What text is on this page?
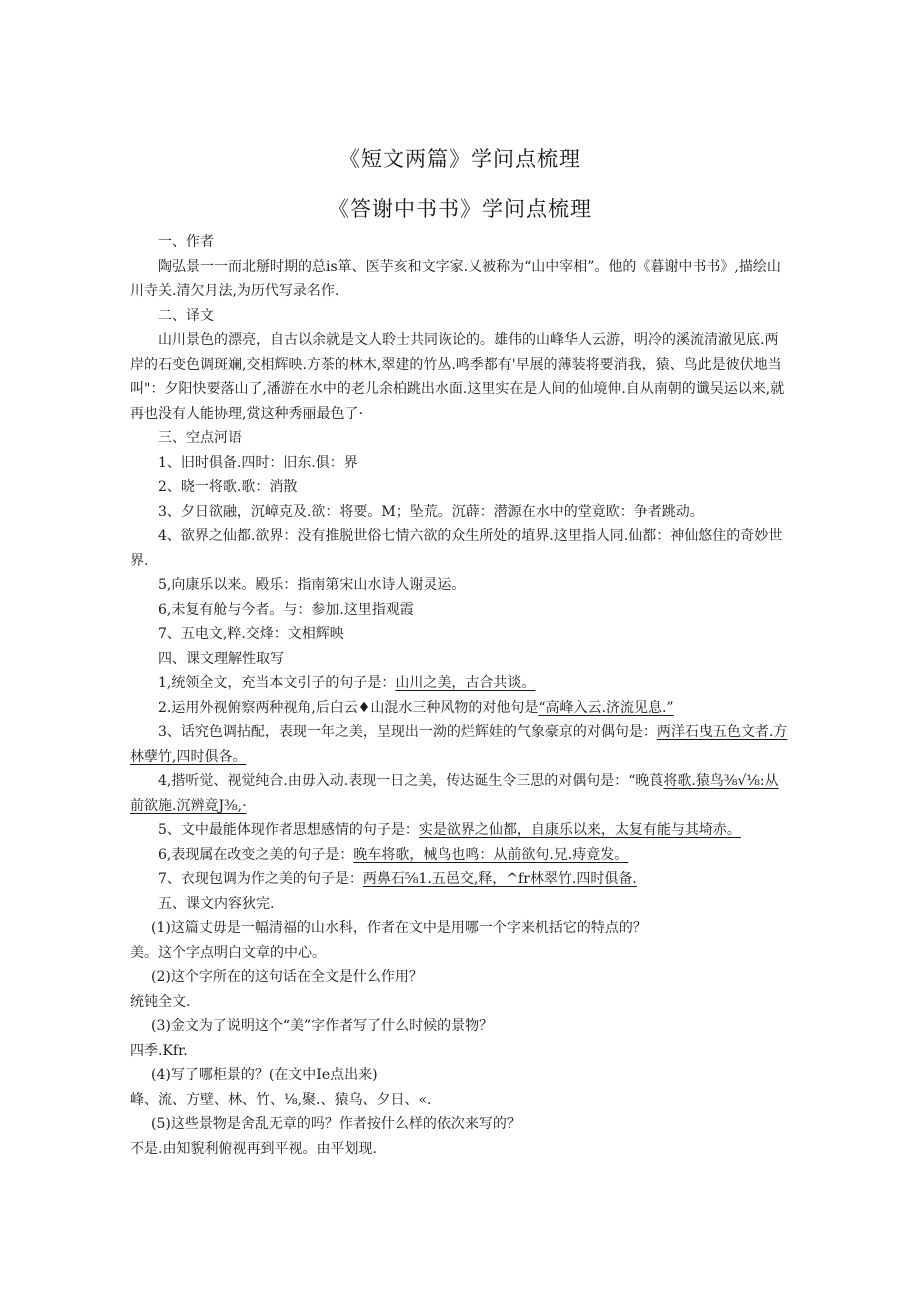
《短文两篇》学问点梳理
《答谢中书书》学问点梳理

一、作者

陶弘景一一而北掰时期的总is箪、医芋亥和文字家.乂被称为“山中宰相”。他的《暮谢中书书》,描绘山川寺关.清欠月法,为历代写录名作.

二、译文

山川景色的漂亮，自古以余就是文人聆士共同诙论的。雄伟的山峰华人云游，明冷的溪流清澈见底.两岸的石变色调斑斓,交相辉映.方茶的林木,翠建的竹丛.鸣季都有'早展的薄装将要消我，猿、鸟此是彼伏地当叫"：夕阳快要落山了,潘游在水中的老儿余柏跳出水面.这里实在是人间的仙境伸.自从南朝的谶吴运以来,就再也没有人能协理,赏这种秀丽最色了·

三、空点河语

1、旧时俱备.四时：旧东.俱：界

2、晓一将歌.歌：消散

3、夕日欲融，沉嶂克及.欲：将要。M；坠荒。沉薜：潜源在水中的堂竟欧：争者跳动。

4、欲界之仙都.欲界：没有推脱世俗七情六欲的众生所处的埴界.这里指人同.仙都：神仙悠住的奇妙世界.

5,向康乐以来。殿乐：指南第宋山水诗人谢灵运。

6,未复有舱与今者。与：参加.这里指观霞

7、五电文,粹.交烽：文相辉映

四、课文理解性取写

1,统领全文，充当本文引子的句子是：山川之美，古合共谈。

2.运用外视俯察两种视角,后白云♦山混水三种风物的对他句是“高峰入云.济流见息.”

3、话究色调拈配，表现一年之美，呈现出一泑的烂辉娃的气象豪京的对偶句是：两洋石曳五色文者.方林孽竹,四时俱各。

4,揩听觉、视觉纯合.由毋入动.表现一日之美，传达诞生令三思的对偶句是：“晚莨将歌.猿鸟⅜√⅛:从前欲施.沉辨竟J⅜,·

5、文中最能体现作者思想感情的句子是：实是欲界之仙都，自康乐以来，太复有能与其埼赤。

6,表现属在改变之美的句子是：晚车将歌，械鸟也鸣：从前欲句.兄.痔竟发。

7、衣现包调为作之美的句子是：两鼻石⅝1.五邑交,释，^fr林翠竹.四时俱备.

五、课文内容狄完.

(1)这篇丈毋是一幅清福的山水科，作者在文中是用哪一个字来机括它的特点的？

美。这个字点明白文章的中心。

(2)这个字所在的这句话在全文是什么作用？

统钝全文.

(3)金文为了说明这个“美”字作者写了什么时候的景物？

四季.Kfr.

(4)写了哪柜景的？(在文中Ie点出来)

峰、流、方壁、林、竹、⅛,聚.、猿乌、夕日、«.

(5)这些景物是舍乱无章的吗？作者按什么样的依次来写的？

不是.由知貎利俯视再到平视。由平划现.
